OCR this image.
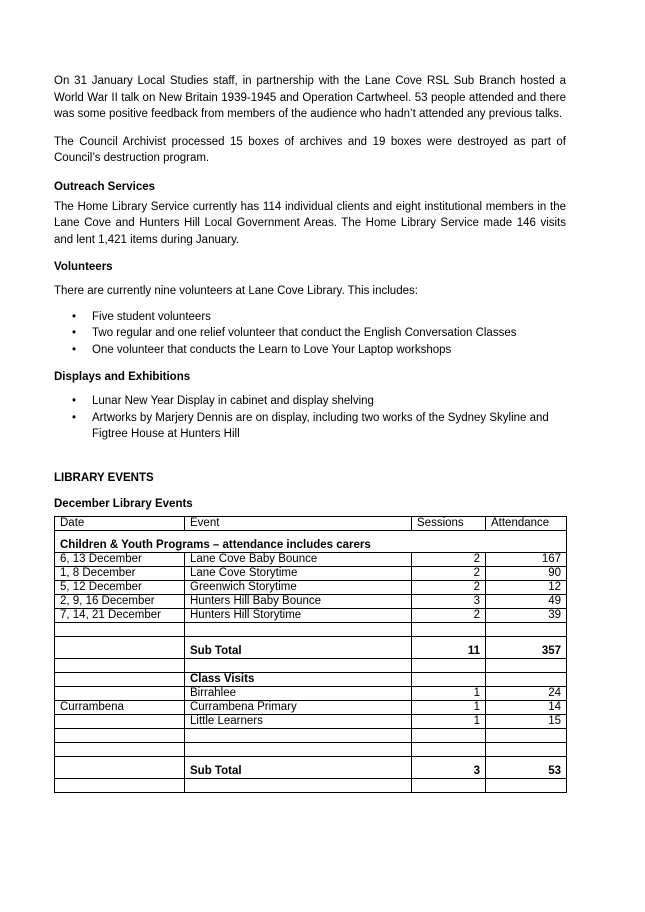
On 31 January Local Studies staff, in partnership with the Lane Cove RSL Sub Branch hosted a World War II talk on New Britain 1939-1945 and Operation Cartwheel. 53 people attended and there was some positive feedback from members of the audience who hadn’t attended any previous talks.

The Council Archivist processed 15 boxes of archives and 19 boxes were destroyed as part of Council’s destruction program.

Outreach Services

The Home Library Service currently has 114 individual clients and eight institutional members in the Lane Cove and Hunters Hill Local Government Areas. The Home Library Service made 146 visits and lent 1,421 items during January.

Volunteers

There are currently nine volunteers at Lane Cove Library. This includes:

• Five student volunteers
• Two regular and one relief volunteer that conduct the English Conversation Classes
• One volunteer that conducts the Learn to Love Your Laptop workshops
Displays and Exhibitions
• Lunar New Year Display in cabinet and display shelving
• Artworks by Marjery Dennis are on display, including two works of the Sydney Skyline and Figtree House at Hunters Hill
LIBRARY EVENTS
December Library Events
Date	Event	Sessions	Attendance
Children & Youth Programs – attendance includes carers			
6, 13 December	Lane Cove Baby Bounce	2	167
1, 8 December	Lane Cove Storytime	2	90
5, 12 December	Greenwich Storytime	2	12
2, 9, 16 December	Hunters Hill Baby Bounce	3	49
7, 14, 21 December	Hunters Hill Storytime	2	39

	Sub Total	11	357

	Class Visits		
	Birrahlee	1	24
Currambena	Currambena Primary	1	14
	Little Learners	1	15

	Sub Total	3	53
